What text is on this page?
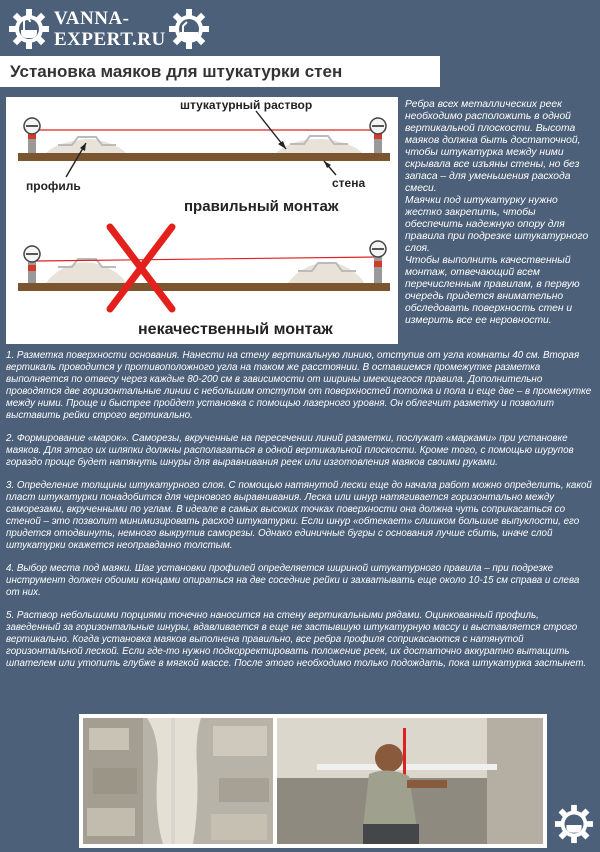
VANNA-
EXPERT.RU
Установка маяков для штукатурки стен
штукатурный раствор
профиль	стена
правильный монтаж
некачественный монтаж

Ребра всех металлических реек необходимо расположить в одной вертикальной плоскости. Высота маяков должна быть достаточной, чтобы штукатурка между ними скрывала все изъяны стены, но без запаса – для уменьшения расхода смеси.

Маячки под штукатурку нужно жестко закрепить, чтобы обеспечить надежную опору для правила при подрезке штукатурного слоя.

Чтобы выполнить качественный монтаж, отвечающий всем перечисленным правилам, в первую очередь придется внимательно обследовать поверхность стен и измерить все ее неровности.

1. Разметка поверхности основания. Нанести на стену вертикальную линию, отступив от угла комнаты 40 см. Вторая вертикаль проводится у противоположного угла на таком же расстоянии. В оставшемся промежутке разметка выполняется по отвесу через каждые 80-200 см в зависимости от ширины имеющегося правила. Дополнительно проводятся две горизонтальные линии с небольшим отступом от поверхностей потолка и пола и еще две – в промежутке между ними. Проще и быстрее пройдет установка с помощью лазерного уровня. Он облегчит разметку и позволит выставить рейки строго вертикально.

2. Формирование «марок». Саморезы, вкрученные на пересечении линий разметки, послужат «марками» при установке маяков. Для этого их шляпки должны располагаться в одной вертикальной плоскости. Кроме того, с помощью шурупов гораздо проще будет натянуть шнуры для выравнивания реек или изготовления маяков своими руками.

3. Определение толщины штукатурного слоя. С помощью натянутой лески еще до начала работ можно определить, какой пласт штукатурки понадобится для чернового выравнивания. Леска или шнур натягивается горизонтально между саморезами, вкрученными по углам. В идеале в самых высоких точках поверхности она должна чуть соприкасаться со стеной – это позволит минимизировать расход штукатурки. Если шнур «обтекает» слишком большие выпуклости, его придется отодвинуть, немного выкрутив саморезы. Однако единичные бугры с основания лучше сбить, иначе слой штукатурки окажется неоправданно толстым.

4. Выбор места под маяки. Шаг установки профилей определяется шириной штукатурного правила – при подрезке инструмент должен обоими концами опираться на две соседние рейки и захватывать еще около 10-15 см справа и слева от них.

5. Раствор небольшими порциями точечно наносится на стену вертикальными рядами. Оцинкованный профиль, заведенный за горизонтальные шнуры, вдавливается в еще не застывшую штукатурную массу и выставляется строго вертикально. Когда установка маяков выполнена правильно, все ребра профиля соприкасаются с натянутой горизонтальной леской. Если где-то нужно подкорректировать положение реек, их достаточно аккуратно вытащить шпателем или утопить глубже в мягкой массе. После этого необходимо только подождать, пока штукатурка застынет.
